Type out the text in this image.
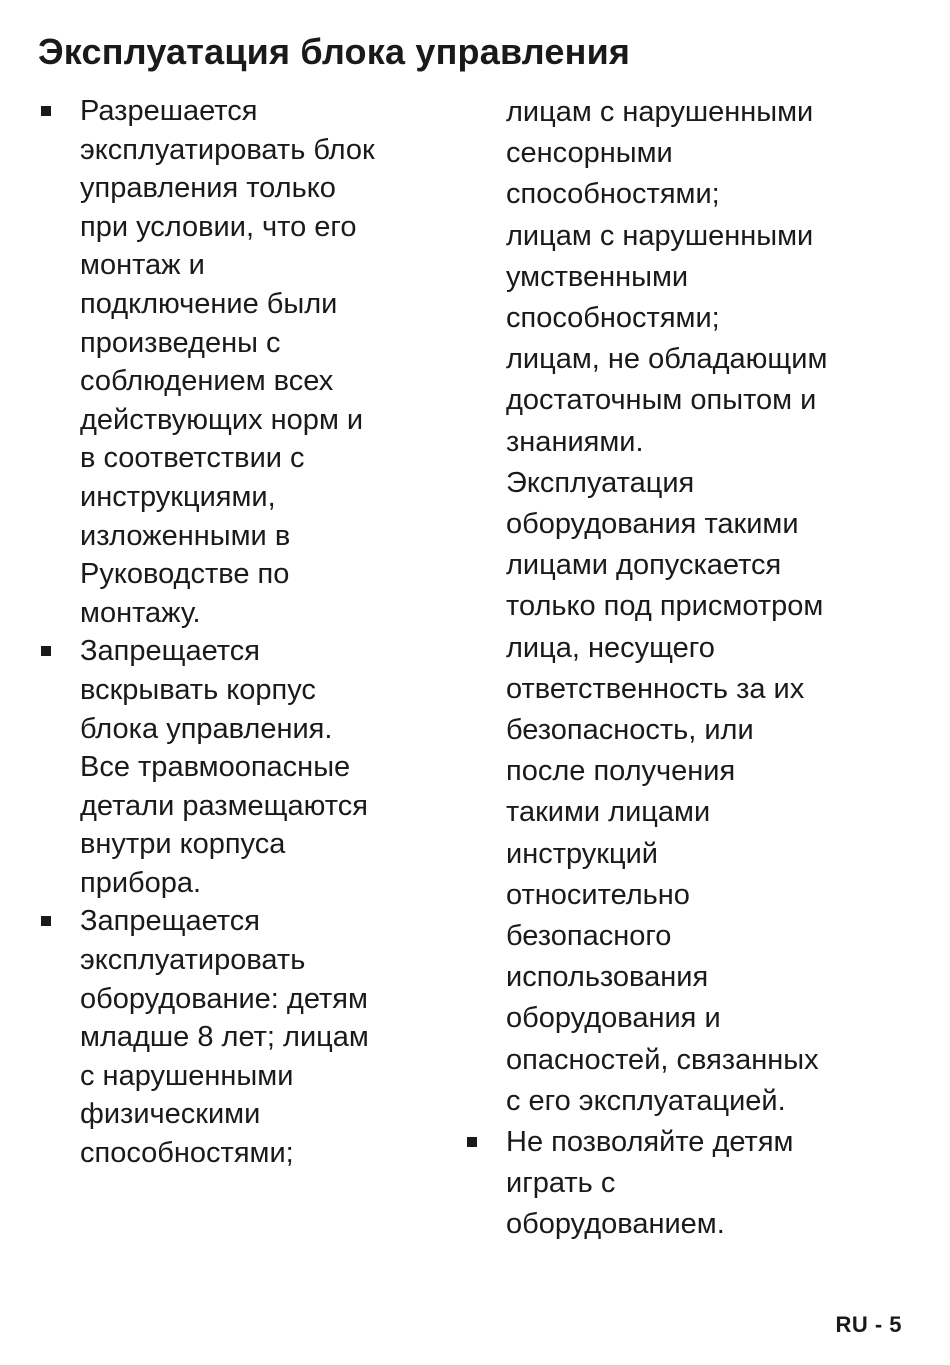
Эксплуатация блока управления

Разрешается
эксплуатировать блок
управления только
при условии, что его
монтаж и
подключение были
произведены с
соблюдением всех
действующих норм и
в соответствии с
инструкциями,
изложенными в
Руководстве по
монтажу.

Запрещается
вскрывать корпус
блока управления.
Все травмоопасные
детали размещаются
внутри корпуса
прибора.

Запрещается
эксплуатировать
оборудование: детям
младше 8 лет; лицам
с нарушенными
физическими
способностями;

лицам с нарушенными
сенсорными
способностями;
лицам с нарушенными
умственными
способностями;
лицам, не обладающим
достаточным опытом и
знаниями.
Эксплуатация
оборудования такими
лицами допускается
только под присмотром
лица, несущего
ответственность за их
безопасность, или
после получения
такими лицами
инструкций
относительно
безопасного
использования
оборудования и
опасностей, связанных
с его эксплуатацией.

Не позволяйте детям
играть с
оборудованием.

RU - 5
